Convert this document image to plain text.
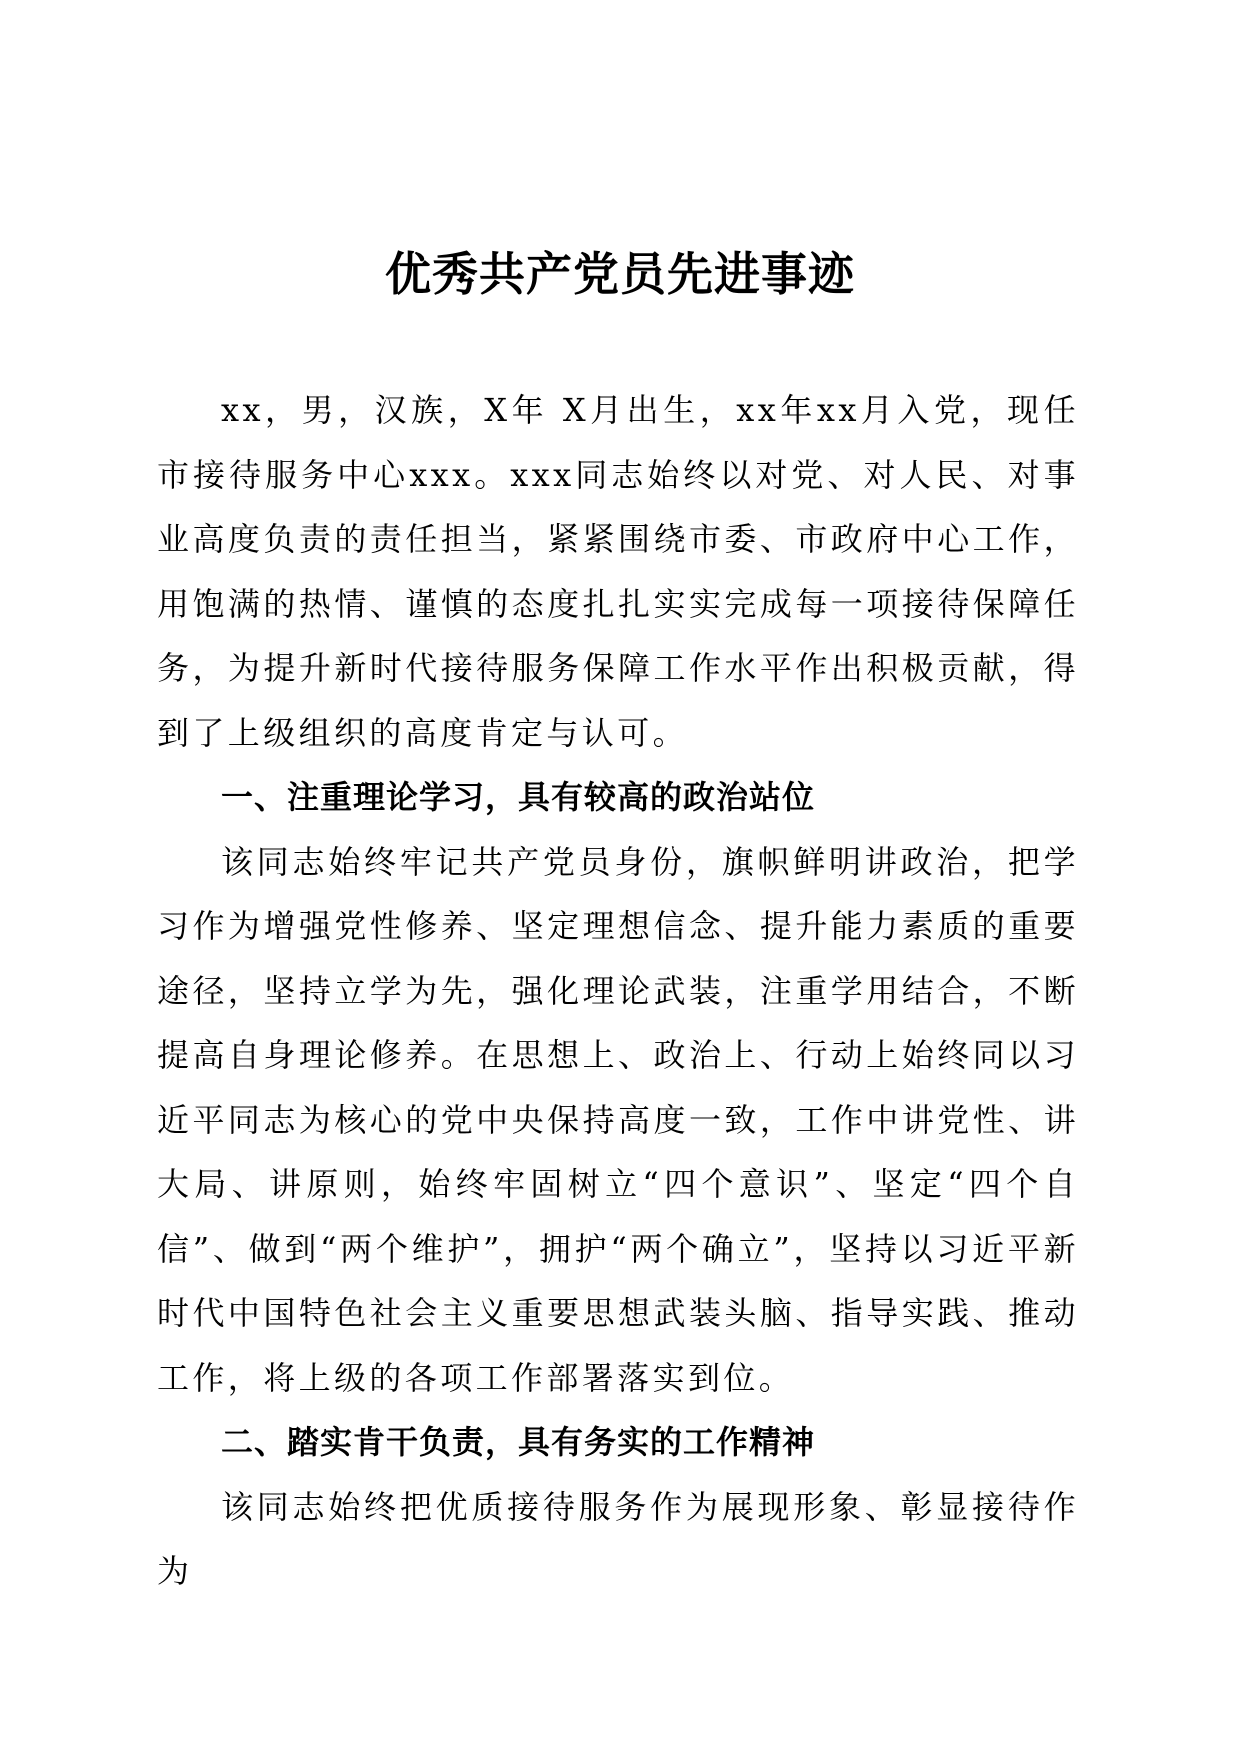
优秀共产党员先进事迹

xx，男，汉族，X年 X月出生，xx年xx月入党，现任市接待服务中心xxx。xxx同志始终以对党、对人民、对事业高度负责的责任担当，紧紧围绕市委、市政府中心工作，用饱满的热情、谨慎的态度扎扎实实完成每一项接待保障任务，为提升新时代接待服务保障工作水平作出积极贡献，得到了上级组织的高度肯定与认可。

一、注重理论学习，具有较高的政治站位

该同志始终牢记共产党员身份，旗帜鲜明讲政治，把学习作为增强党性修养、坚定理想信念、提升能力素质的重要途径，坚持立学为先，强化理论武装，注重学用结合，不断提高自身理论修养。在思想上、政治上、行动上始终同以习近平同志为核心的党中央保持高度一致，工作中讲党性、讲大局、讲原则，始终牢固树立“四个意识”、坚定“四个自信”、做到“两个维护”，拥护“两个确立”，坚持以习近平新时代中国特色社会主义重要思想武装头脑、指导实践、推动工作，将上级的各项工作部署落实到位。

二、踏实肯干负责，具有务实的工作精神

该同志始终把优质接待服务作为展现形象、彰显接待作为
